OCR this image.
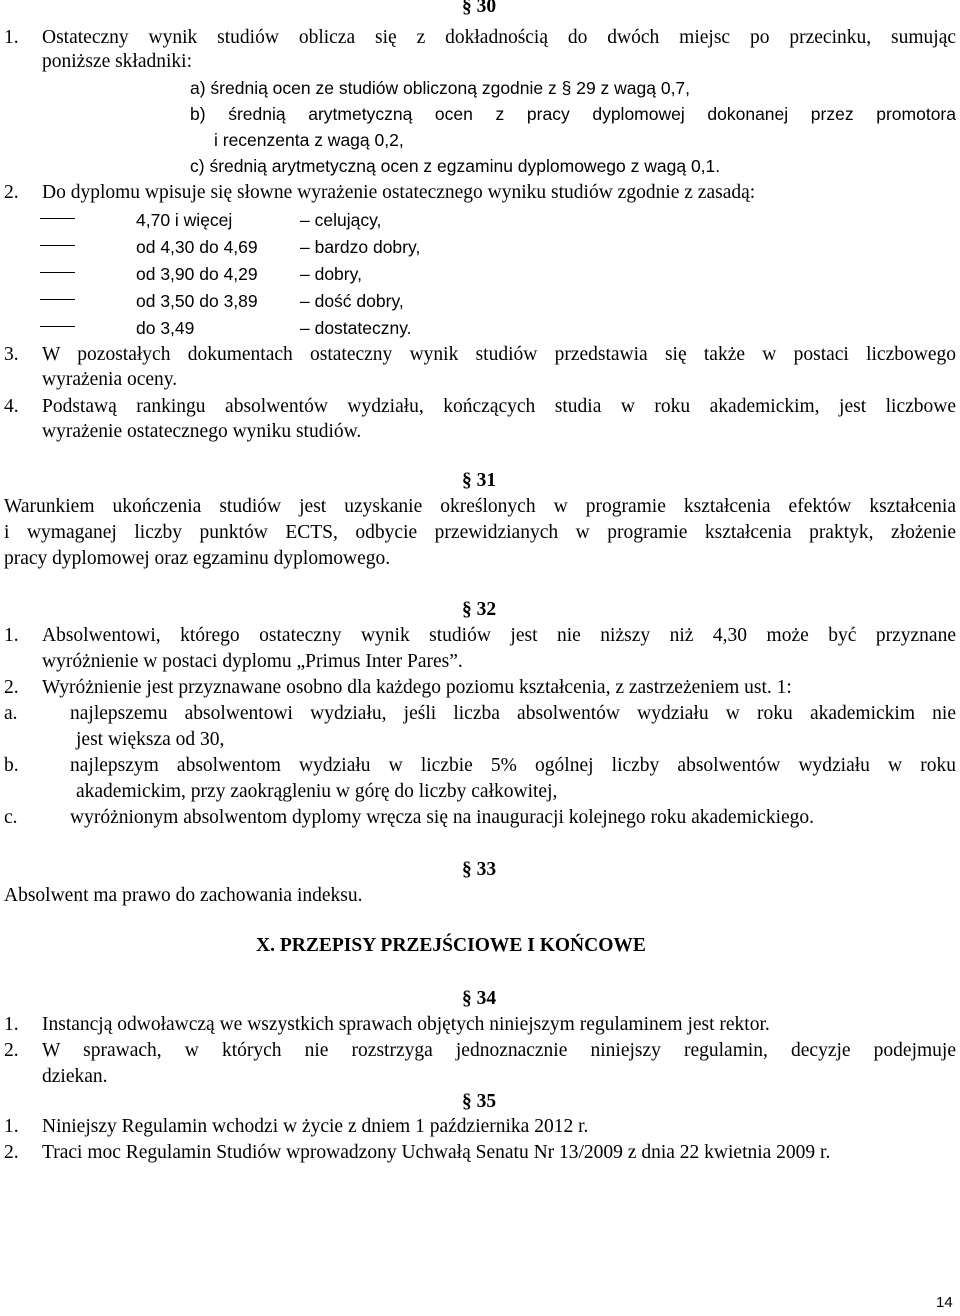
§ 30
1. Ostateczny wynik studiów oblicza się z dokładnością do dwóch miejsc po przecinku, sumując
poniższe składniki:
a) średnią ocen ze studiów obliczoną zgodnie z § 29 z wagą 0,7,
b) średnią arytmetyczną ocen z pracy dyplomowej dokonanej przez promotora
i recenzenta z wagą 0,2,
c) średnią arytmetyczną ocen z egzaminu dyplomowego z wagą 0,1.
2. Do dyplomu wpisuje się słowne wyrażenie ostatecznego wyniku studiów zgodnie z zasadą:
4,70 i więcej	– celujący,
od 4,30 do 4,69 – bardzo dobry,
od 3,90 do 4,29 – dobry,
od 3,50 do 3,89 – dość dobry,
do 3,49	– dostateczny.
3. W pozostałych dokumentach ostateczny wynik studiów przedstawia się także w postaci liczbowego
wyrażenia oceny.
4. Podstawą rankingu absolwentów wydziału, kończących studia w roku akademickim, jest liczbowe
wyrażenie ostatecznego wyniku studiów.
§ 31
Warunkiem ukończenia studiów jest uzyskanie określonych w programie kształcenia efektów kształcenia
i wymaganej liczby punktów ECTS, odbycie przewidzianych w programie kształcenia praktyk, złożenie
pracy dyplomowej oraz egzaminu dyplomowego.
§ 32
1. Absolwentowi, którego ostateczny wynik studiów jest nie niższy niż 4,30 może być przyznane
wyróżnienie w postaci dyplomu „Primus Inter Pares”.
2. Wyróżnienie jest przyznawane osobno dla każdego poziomu kształcenia, z zastrzeżeniem ust. 1:
a.	najlepszemu absolwentowi wydziału, jeśli liczba absolwentów wydziału w roku akademickim nie
jest większa od 30,
b.	najlepszym absolwentom wydziału w liczbie 5% ogólnej liczby absolwentów wydziału w roku
akademickim, przy zaokrągleniu w górę do liczby całkowitej,
c.	wyróżnionym absolwentom dyplomy wręcza się na inauguracji kolejnego roku akademickiego.
§ 33
Absolwent ma prawo do zachowania indeksu.
X. PRZEPISY PRZEJŚCIOWE I KOŃCOWE
§ 34
1. Instancją odwoławczą we wszystkich sprawach objętych niniejszym regulaminem jest rektor.
2. W sprawach, w których nie rozstrzyga jednoznacznie niniejszy regulamin, decyzje podejmuje
dziekan.
§ 35
1. Niniejszy Regulamin wchodzi w życie z dniem 1 października 2012 r.
2. Traci moc Regulamin Studiów wprowadzony Uchwałą Senatu Nr 13/2009 z dnia 22 kwietnia 2009 r.
14
